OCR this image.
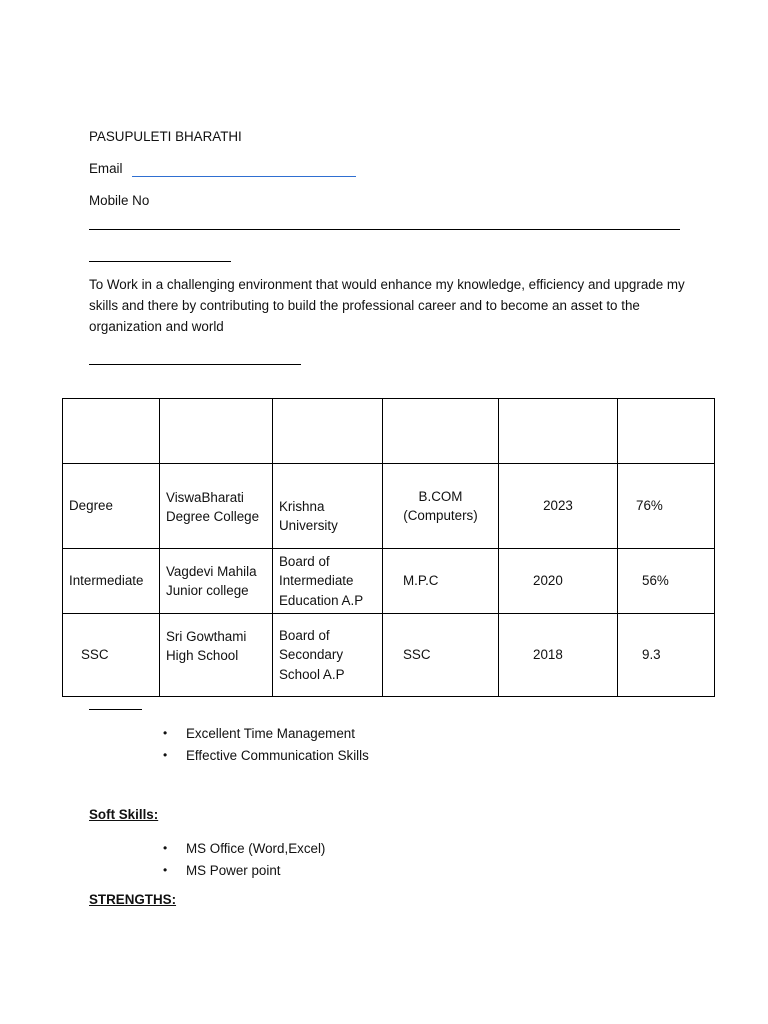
PASUPULETI BHARATHI
Email
Mobile No
To Work in a challenging environment that would enhance my knowledge, efficiency and upgrade my skills and there by contributing to build the professional career and to become an asset to the organization and world

Degree	ViswaBharati Degree College	Krishna University	B.COM (Computers)	2023	76%
Intermediate	Vagdevi Mahila Junior college	Board of Intermediate Education A.P	M.P.C	2020	56%
SSC	Sri Gowthami High School	Board of Secondary School A.P	SSC	2018	9.3
•	Excellent Time Management
•	Effective Communication Skills
Soft Skills:
•	MS Office (Word,Excel)
•	MS Power point
STRENGTHS:
